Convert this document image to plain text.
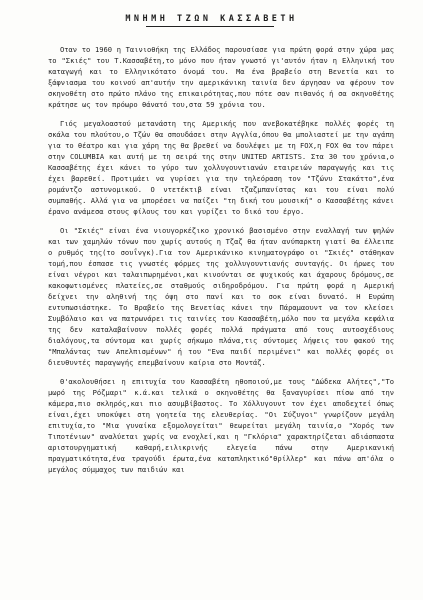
ΜΝΗΜΗ ΤΖΩΝ ΚΑΣΣΑΒΕΤΗ

Οταν το 1960 η Ταινιοθήκη της Ελλάδος παρουσίασε για πρώτη φορά στην χώρα μας το "Σκιές" του Τ.Κασσαβέτη,το μόνο που ήταν γνωστό γι'αυτόν ήταν η Ελληνική του καταγωγή και το Ελληνικότατο όνομά του. Μα ένα βραβείο στη Βενετία και το ξάφνιασμα του κοινού απ'αυτήν την αμερικάνικη ταινία δεν άργησαν να φέρουν τον σκηνοθέτη στο πρώτο πλάνο της επικαιρότητας,που πότε σαν πιθανός ή σα σκηνοθέτης κράτησε ως τον πρόωρο θάνατό του,στα 59 χρόνια του.

Γιός μεγαλοαστού μετανάστη της Αμερικής που ανεβοκατέβηκε πολλές φορές τη σκάλα του πλούτου,ο Τζών θα σπουδάσει στην Αγγλία,όπου θα μπολιαστεί με την αγάπη για το θέατρο και για χάρη της θα βρεθεί να δουλέψει με τη FOX,η FOX θα τον πάρει στην COLUMBIA και αυτή με τη σειρά της στην UNITED ARTISTS. Στα 30 του χρόνια,ο Κασσαβέτης έχει κάνει το γύρο των χολλυγουντιανών εταιρειών παραγωγής και τις έχει βαρεθεί. Προτιμάει να γυρίσει για την τηλεόραση τον "Τζώνυ Στακάττο",ένα ρομάντζο αστυνομικού. Ο ντετέκτιβ είναι τζαζμπανίστας και του είναι πολύ συμπαθής. Αλλά για να μπορέσει να παίζει "τη δική του μουσική" ο Κασσαβέτης κάνει έρανο ανάμεσα στους φίλους του και γυρίζει το δικό του έργο.

Οι "Σκιές" είναι ένα νιουγορκέζικο χρονικό βασισμένο στην εναλλαγή των ψηλών και των χαμηλών τόνων που χωρίς αυτούς η Τζαζ θα ήταν ανύπαρκτη γιατί θα έλλειπε ο ρυθμός της(το σουΐνγκ).Για τον Αμερικάνικο κινηματογράφο οι "Σκιές" στάθηκαν τομή,που έσπασε τις γνωστές φόρμες της χολλυγουντιανής συνταγής. Οι ήρωες του είναι νέγροι και ταλαιπωρημένοι,και κινούνται σε ψυχικούς και άχαρους δρόμους,σε κακοφωτισμένες πλατείες,σε σταθμούς σιδηροδρόμου. Για πρώτη φορά η Αμερική δείχνει την αληθινή της όψη στο πανί και το σοκ είναι δυνατό. Η Ευρώπη εντυπωσιάστηκε. Το Βραβείο της Βενετίας κάνει την Πάραμαουντ να τον κλείσει Συμβόλαιο και να πατρωνάρει τις ταινίες του Κασσαβέτη,μόλο που τα μεγάλα κεφάλια της δεν καταλαβαίνουν πολλές φορές πολλά πράγματα από τους αυτοσχέδιους διαλόγους,τα σύντομα και χωρίς σήκωμο πλάνα,τις σύντομες λήψεις του φακού της "Μπαλάντας των Απελπισμένων" ή του "Ενα παιδί περιμένει" και πολλές φορές οι διευθυντές παραγωγής επεμβαίνουν καίρια στο Μοντάζ.

Θ'ακολουθήσει η επιτυχία του Κασσαβέτη ηθοποιού,με τους "Δώδεκα Αλήτες","Το μωρό της Ρόζμαρι" κ.ά.και τελικά ο σκηνοθέτης θα ξαναγυρίσει πίσω από την κάμερα,πιο σκληρός,και πιο ασυμβίβαστος. Το Χόλλυγουντ τον έχει αποδεχτεί όπως είναι,έχει υποκύψει στη γοητεία της ελευθερίας. "Οι Σύζυγοι" γνωρίζουν μεγάλη επιτυχία,το "Μια γυναίκα εξομολογείται" θεωρείται μεγάλη ταινία,ο "Χορός των Τιποτένιων" αναλύεται χωρίς να ενοχλεί,και η "Γκλόρια" χαρακτηρίζεται αδιάσπαστα αριστουργηματική καθαρή,ειλικρινής ελεγεία πάνω στην Αμερικανική πραγματικότητα,ένα τραγούδι έρωτα,ένα καταπληκτικό"θρίλλερ" και πάνω απ'όλα ο μεγάλος σύμμαχος των παιδιών και
